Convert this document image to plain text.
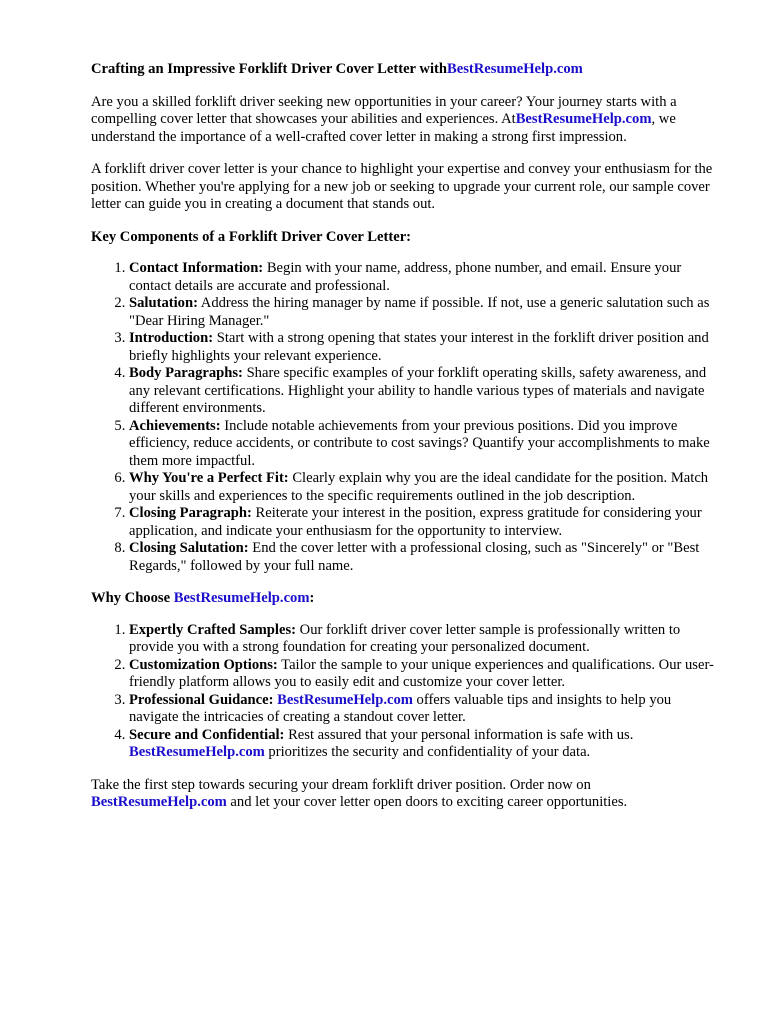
Crafting an Impressive Forklift Driver Cover Letter withBestResumeHelp.com

Are you a skilled forklift driver seeking new opportunities in your career? Your journey starts with a compelling cover letter that showcases your abilities and experiences. AtBestResumeHelp.com, we understand the importance of a well-crafted cover letter in making a strong first impression.

A forklift driver cover letter is your chance to highlight your expertise and convey your enthusiasm for the position. Whether you're applying for a new job or seeking to upgrade your current role, our sample cover letter can guide you in creating a document that stands out.

Key Components of a Forklift Driver Cover Letter:

1. Contact Information: Begin with your name, address, phone number, and email. Ensure your contact details are accurate and professional.
2. Salutation: Address the hiring manager by name if possible. If not, use a generic salutation such as "Dear Hiring Manager."
3. Introduction: Start with a strong opening that states your interest in the forklift driver position and briefly highlights your relevant experience.
4. Body Paragraphs: Share specific examples of your forklift operating skills, safety awareness, and any relevant certifications. Highlight your ability to handle various types of materials and navigate different environments.
5. Achievements: Include notable achievements from your previous positions. Did you improve efficiency, reduce accidents, or contribute to cost savings? Quantify your accomplishments to make them more impactful.
6. Why You're a Perfect Fit: Clearly explain why you are the ideal candidate for the position. Match your skills and experiences to the specific requirements outlined in the job description.
7. Closing Paragraph: Reiterate your interest in the position, express gratitude for considering your application, and indicate your enthusiasm for the opportunity to interview.
8. Closing Salutation: End the cover letter with a professional closing, such as "Sincerely" or "Best Regards," followed by your full name.

Why Choose BestResumeHelp.com:

1. Expertly Crafted Samples: Our forklift driver cover letter sample is professionally written to provide you with a strong foundation for creating your personalized document.
2. Customization Options: Tailor the sample to your unique experiences and qualifications. Our user-friendly platform allows you to easily edit and customize your cover letter.
3. Professional Guidance: BestResumeHelp.com offers valuable tips and insights to help you navigate the intricacies of creating a standout cover letter.
4. Secure and Confidential: Rest assured that your personal information is safe with us. BestResumeHelp.com prioritizes the security and confidentiality of your data.

Take the first step towards securing your dream forklift driver position. Order now on BestResumeHelp.com and let your cover letter open doors to exciting career opportunities.
